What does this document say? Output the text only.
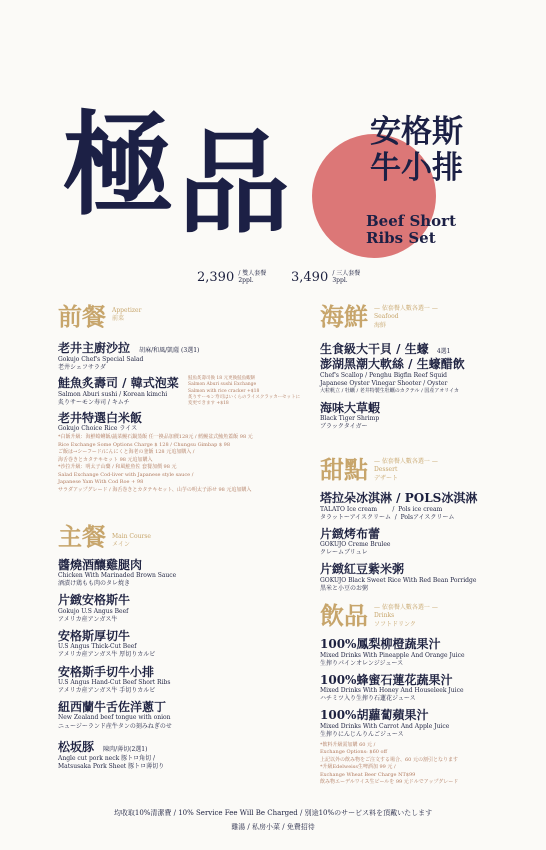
極 品	安格斯
牛小排
Beef Short
Ribs Set
2,390 / 雙人套餐
2ppl.	3,490 / 三人套餐
3ppl.
前餐 Appetizer
前菜
老井主廚沙拉 胡麻/和風/凱薩 (3選1)
Gokujo Chef's Special Salad
老井シェフサラダ
鮭魚炙壽司 / 韓式泡菜
Salmon Aburi sushi / Korean kimchi
炙りサーモン寿司 / キムチ
鮭魚炙壽司換 18 元更換鮭魚蝦餅
Salmon Aburi sushi Exchange
Salmon with rice cracker +$18
炙りサーモン寿司はいくらのライスクラッカーセットに
変更できます +$18
老井特選白米飯
Gokujo Choice Rice ライス
*白飯升級：海鮮蛤蜊飯/蔬菜鰻石鍋蒸飯 任一換品加價128元 / 鱈鰻盆式鮪魚蓋飯 98 元
Rice Exchange Some Options Charge $ 128 / Chungsu Gimbap $ 98
ご飯は→シーフード/にんにくと海老の釜飯 128 元追加購入 /
海舌巻きとカタテキセット 98 元追加購入
*沙拉升級：明太子山藥 / 和風鮭魚佐 套餐加價 98 元
Salad Exchange Cod-liver with Japanese style sauce /
Japanese Yam With Cod Roe + 98
サラダアップグレード / 海舌巻きとカタテキセット、山芋の明太子添せ 98 元追加購入
主餐 Main Course
メイン
醬燒酒釀雞腿肉
Chicken With Marinaded Brown Sauce
酒漬け鶏もも肉のタレ焼き
片緻安格斯牛
Gokujo U.S Angus Beef
アメリカ産アンガス牛
安格斯厚切牛
U.S Angus Thick-Cut Beef
アメリカ産アンガス牛 厚切りカルビ
安格斯手切牛小排
U.S Angus Hand-Cut Beef Short Ribs
アメリカ産アンガス牛 手切りカルビ
紐西蘭牛舌佐洋蔥丁
New Zealand beef tongue with onion
ニュージーランド産牛タンの刻みねぎのせ
松坂豚 陳肉/薄切(2選1)
Angle cut pork neck 豚トロ角切 /
Matsusaka Pork Sheet 豚トロ薄切り
海鮮 — 依套餐人數各選一 —
Seafood
海鮮
生食級大干貝 / 生蠔 4選1
澎湖黑潮大軟絲 / 生蠔醋飲
Chef's Scallop / Penghu Bigfin Reef Squid
Japanese Oyster Vinegar Shooter / Oyster
大粒帆立 / 牡蠣 / 老井特製生牡蠣のカクテル / 国産アオリイカ
海味大草蝦
Black Tiger Shrimp
ブラックタイガー
甜點 — 依套餐人數各選一 —
Dessert
デザート
塔拉朵冰淇淋 / POLS冰淇淋
TALATO Ice cream        /  Pols ice cream
タラットーアイスクリーム  /  Polsアイスクリーム
片緻烤布蕾
GOKUJO Creme Brulee
クレームブリュレ
片緻紅豆紫米粥
GOKUJO Black Sweet Rice With Red Bean Porridge
黒米と小豆のお粥
飲品 — 依套餐人數各選一 —
Drinks
ソフトドリンク
100%鳳梨柳橙蔬果汁
Mixed Drinks With Pineapple And Orange Juice
生搾りパインオレンジジュース
100%蜂蜜石蓮花蔬果汁
Mixed Drinks With Honey And Houseleek Juice
ハチミツ入り生搾り石蓮花ジュース
100%胡蘿蔔蘋果汁
Mixed Drinks With Carrot And Apple Juice
生搾りにんじんりんごジュース
*飲料升級需加購 60 元 /
Exchange Options: $60 off
上記以外の飲み物をご注文する場合、60 元の割引となります
*升級Edelweiss生啤酒加 99 元 /
Exchange Wheat Beer Charge NT$99
飲み物エーデルワイス生ビールを 99 元ドルでアップグレード
均收取10%清潔費 / 10% Service Fee Will Be Charged / 別途10%のサービス料を頂戴いたします
雞湯 / 私房小菜 / 免費招待
